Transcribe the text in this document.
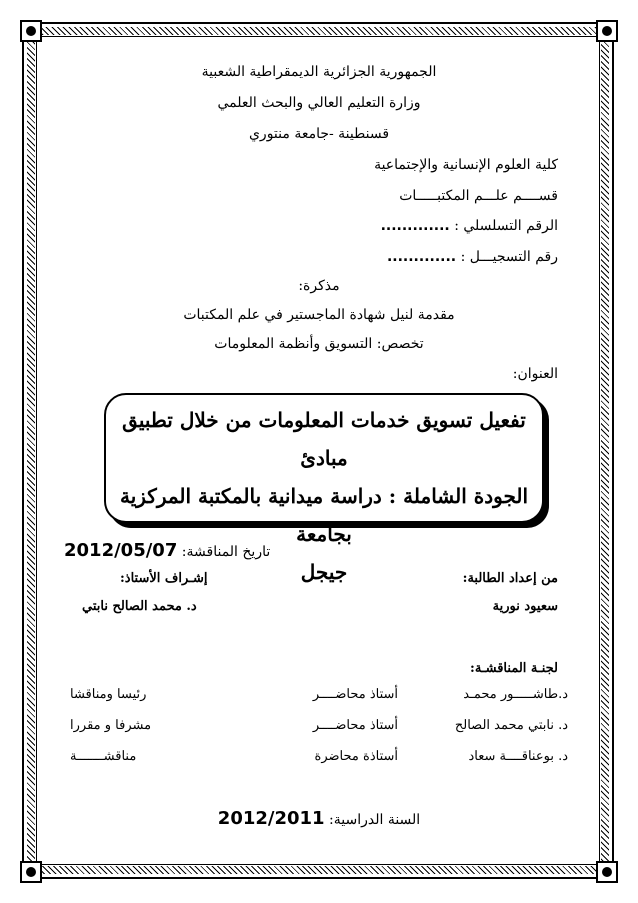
الجمهورية الجزائرية الديمقراطية الشعبية
وزارة التعليم العالي والبحث العلمي
قسنطينة -جامعة منتوري
كلية العلوم الإنسانية والإجتماعية
قســــم علـــم المكتبـــــات
الرقم التسلسلي : .............
رقم التسجيـــل : .............
مذكرة:
مقدمة لنيل شهادة الماجستير في علم المكتبات
تخصص: التسويق وأنظمة المعلومات
العنوان:
تفعيل تسويق خدمات المعلومات من خلال تطبيق مبادئ
الجودة الشاملة : دراسة ميدانية بالمكتبة المركزية بجامعة
جيجل
تاريخ المناقشة: 2012/05/07
من إعداد الطالبة:
إشـراف الأستاذ:
سعيود نورية
د. محمد الصالح نابتي
لجنـة المناقشـة:
د.طاشـــــور محمـد
أستاذ محاضــــر
رئيسا ومناقشا
د. نابتي محمد الصالح
أستاذ محاضــــر
مشرفا و مقررا
د. بوعناقــــة سعاد
أستاذة محاضرة
مناقشـــــــة
السنة الدراسية: 2012/2011
